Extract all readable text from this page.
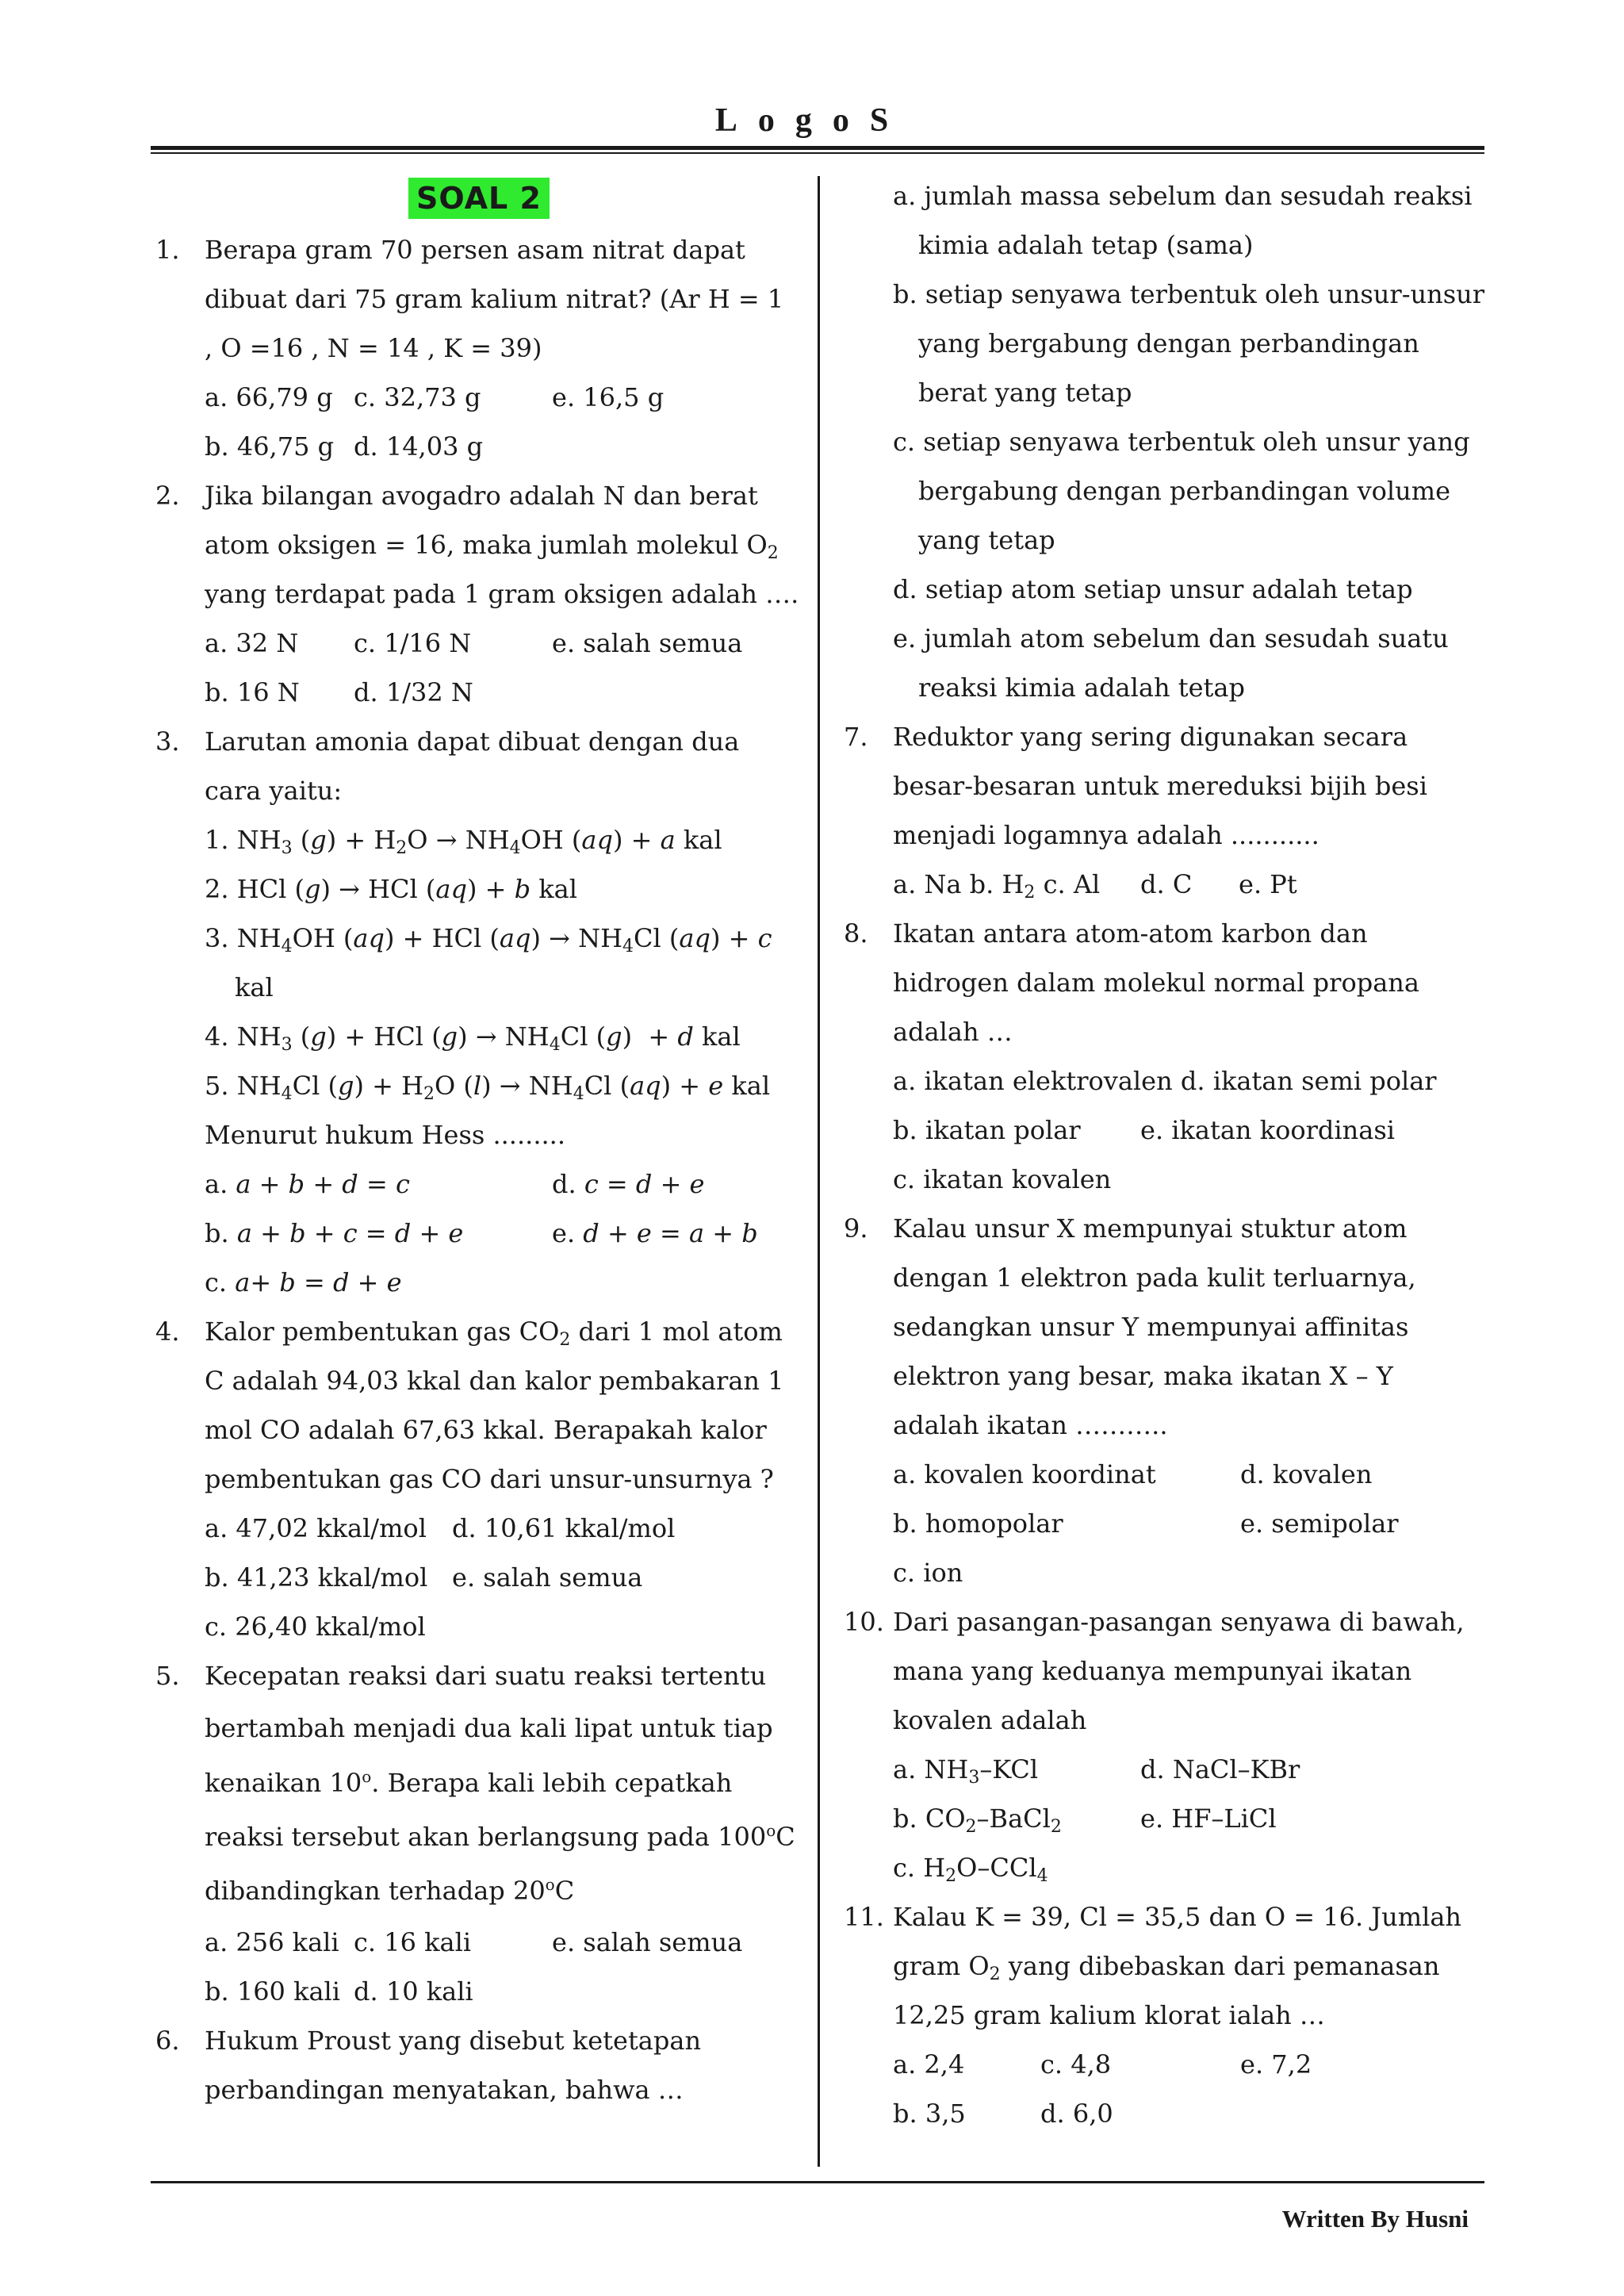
LogoS
SOAL 2
1. Berapa gram 70 persen asam nitrat dapat
dibuat dari 75 gram kalium nitrat? (Ar H = 1
, O =16 , N = 14 , K = 39)
a. 66,79 g c. 32,73 g	e. 16,5 g
b. 46,75 g d. 14,03 g
2. Jika bilangan avogadro adalah N dan berat
atom oksigen = 16, maka jumlah molekul $O_2$
yang terdapat pada 1 gram oksigen adalah ….
a. 32 N c. 1/16 N	e. salah semua
b. 16 N d. 1/32 N
3. Larutan amonia dapat dibuat dengan dua
cara yaitu:
1. $NH_3$ $(g) + H_2O \to NH_4OH$ (aq) + a kal
2. HCl (g) → HCl (aq) + b kal
3. $NH_4OH$ (aq) + HCl $(aq) \to NH_4Cl$ (aq) + c
kal
4. $NH_3$ (g) + HCl $(g) \to NH_4Cl$ (g)  + d kal
5. $NH_4Cl$ $(g) + H_2O$ $(l) \to NH_4Cl$ (aq) + e kal
Menurut hukum Hess .........
a. a + b + d = c	d. c = d + e
b. a + b + c = d + e	e. d + e = a + b
c. a+ b = d + e
4. Kalor pembentukan gas $CO_2$ dari 1 mol atom
C adalah 94,03 kkal dan kalor pembakaran 1
mol CO adalah 67,63 kkal. Berapakah kalor
pembentukan gas CO dari unsur-unsurnya ?
a. 47,02 kkal/mol d. 10,61 kkal/mol
b. 41,23 kkal/mol e. salah semua
c. 26,40 kkal/mol
5. Kecepatan reaksi dari suatu reaksi tertentu
bertambah menjadi dua kali lipat untuk tiap
kenaikan 10$^o$. Berapa kali lebih cepatkah
reaksi tersebut akan berlangsung pada 100$^o$C
dibandingkan terhadap 20$^o$C
a. 256 kali c. 16 kali	e. salah semua
b. 160 kali d. 10 kali
6. Hukum Proust yang disebut ketetapan
perbandingan menyatakan, bahwa …
a. jumlah massa sebelum dan sesudah reaksi
kimia adalah tetap (sama)
b. setiap senyawa terbentuk oleh unsur-unsur
yang bergabung dengan perbandingan
berat yang tetap
c. setiap senyawa terbentuk oleh unsur yang
bergabung dengan perbandingan volume
yang tetap
d. setiap atom setiap unsur adalah tetap
e. jumlah atom sebelum dan sesudah suatu
reaksi kimia adalah tetap
7. Reduktor yang sering digunakan secara
besar-besaran untuk mereduksi bijih besi
menjadi logamnya adalah ...........
a. Na b. $H_2$ c. Al d. C e. Pt
8. Ikatan antara atom-atom karbon dan
hidrogen dalam molekul normal propana
adalah …
a. ikatan elektrovalen d. ikatan semi polar
b. ikatan polar e. ikatan koordinasi
c. ikatan kovalen
9. Kalau unsur X mempunyai stuktur atom
dengan 1 elektron pada kulit terluarnya,
sedangkan unsur Y mempunyai affinitas
elektron yang besar, maka ikatan X – Y
adalah ikatan ………..
a. kovalen koordinat	d. kovalen
b. homopolar	e. semipolar
c. ion
10. Dari pasangan-pasangan senyawa di bawah,
mana yang keduanya mempunyai ikatan
kovalen adalah
a. $NH_3$–KCl	d. NaCl–KBr
b. $CO_2-BaCl_2$	e. HF–LiCl
c. $H_2O-CCl_4$
11. Kalau K = 39, Cl = 35,5 dan O = 16. Jumlah
gram $O_2$ yang dibebaskan dari pemanasan
12,25 gram kalium klorat ialah …
a. 2,4	c. 4,8	e. 7,2
b. 3,5	d. 6,0
Written By Husni
